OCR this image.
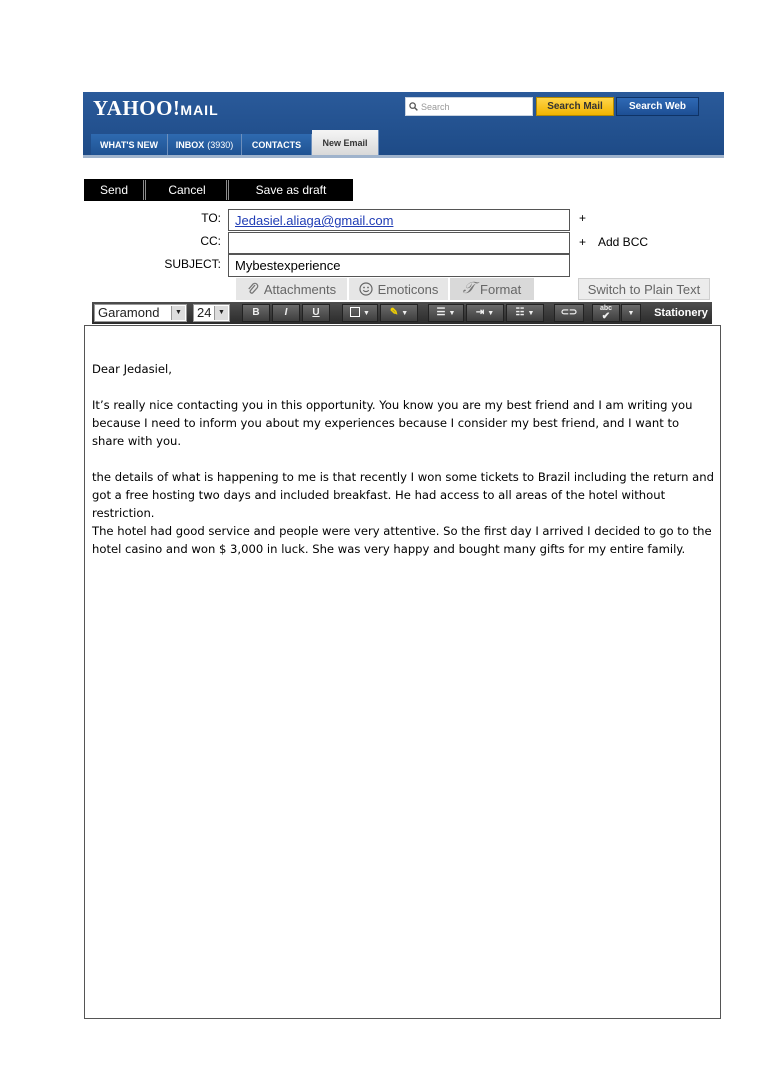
YAHOO!MAIL	Search	Search Mail	Search Web
WHAT'S NEW INBOX (3930) CONTACTS New Email
Send	Cancel	Save as draft
TO:	Jedasiel.aliaga@gmail.com	+
CC:	+ Add BCC
SUBJECT:	Mybestexperience
Attachments	Emoticons 𝒯 Format	Switch to Plain Text
Garamond	▼	24 ▼	B	I	U	▼	✎ ▼	☰ ▼	⇥ ▼	☷ ▼	⊂⊃	abc
✔	▼	Stationery

Dear Jedasiel,

It’s really nice contacting you in this opportunity. You know you are my best friend and I am writing you because I need to inform you about my experiences because I consider my best friend, and I want to share with you.

the details of what is happening to me is that recently I won some tickets to Brazil including the return and got a free hosting two days and included breakfast. He had access to all areas of the hotel without restriction.

The hotel had good service and people were very attentive. So the first day I arrived I decided to go to the hotel casino and won $ 3,000 in luck. She was very happy and bought many gifts for my entire family.
